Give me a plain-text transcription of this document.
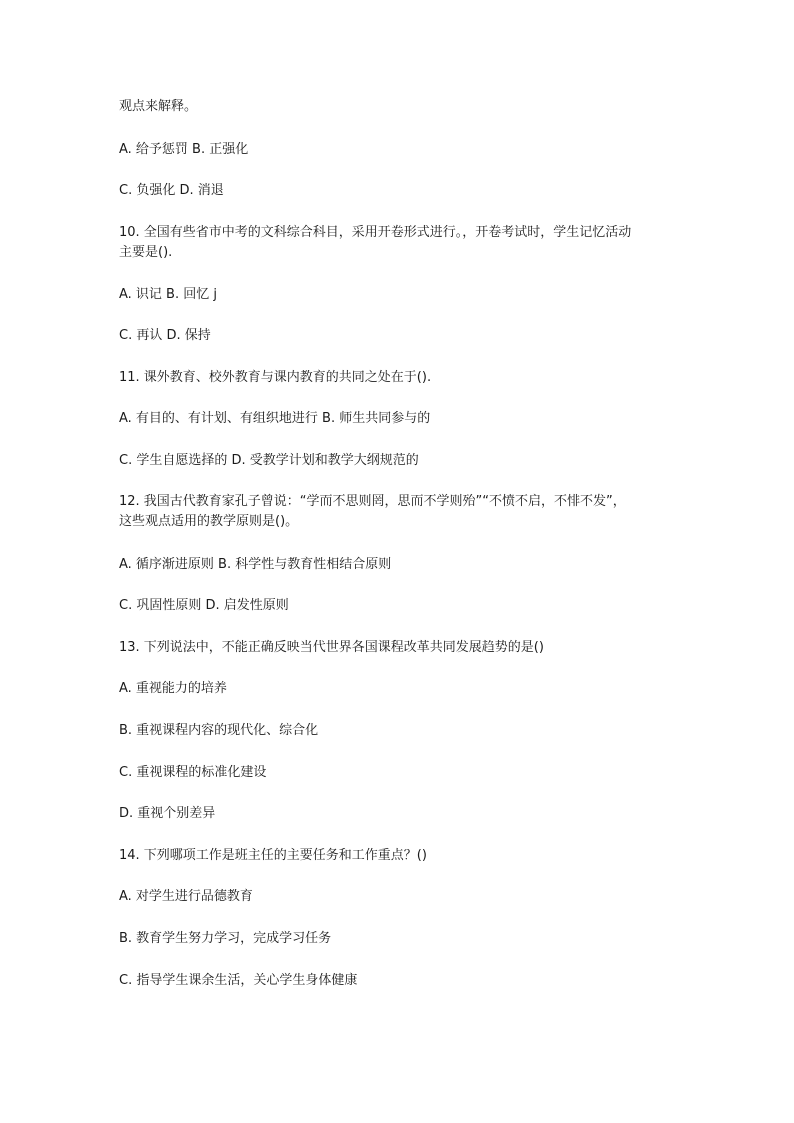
观点来解释。
A. 给予惩罚 B. 正强化
C. 负强化 D. 消退
10. 全国有些省市中考的文科综合科目，采用开卷形式进行。，开卷考试时，学生记忆活动
主要是().
A. 识记 B. 回忆 j
C. 再认 D. 保持
11. 课外教育、校外教育与课内教育的共同之处在于().
A. 有目的、有计划、有组织地进行 B. 师生共同参与的
C. 学生自愿选择的 D. 受教学计划和教学大纲规范的
12. 我国古代教育家孔子曾说：“学而不思则罔，思而不学则殆”“不愤不启，不悱不发”，
这些观点适用的教学原则是()。
A. 循序渐进原则 B. 科学性与教育性相结合原则
C. 巩固性原则 D. 启发性原则
13. 下列说法中，不能正确反映当代世界各国课程改革共同发展趋势的是()
A. 重视能力的培养
B. 重视课程内容的现代化、综合化
C. 重视课程的标准化建设
D. 重视个别差异
14. 下列哪项工作是班主任的主要任务和工作重点？()
A. 对学生进行品德教育
B. 教育学生努力学习，完成学习任务
C. 指导学生课余生活，关心学生身体健康
